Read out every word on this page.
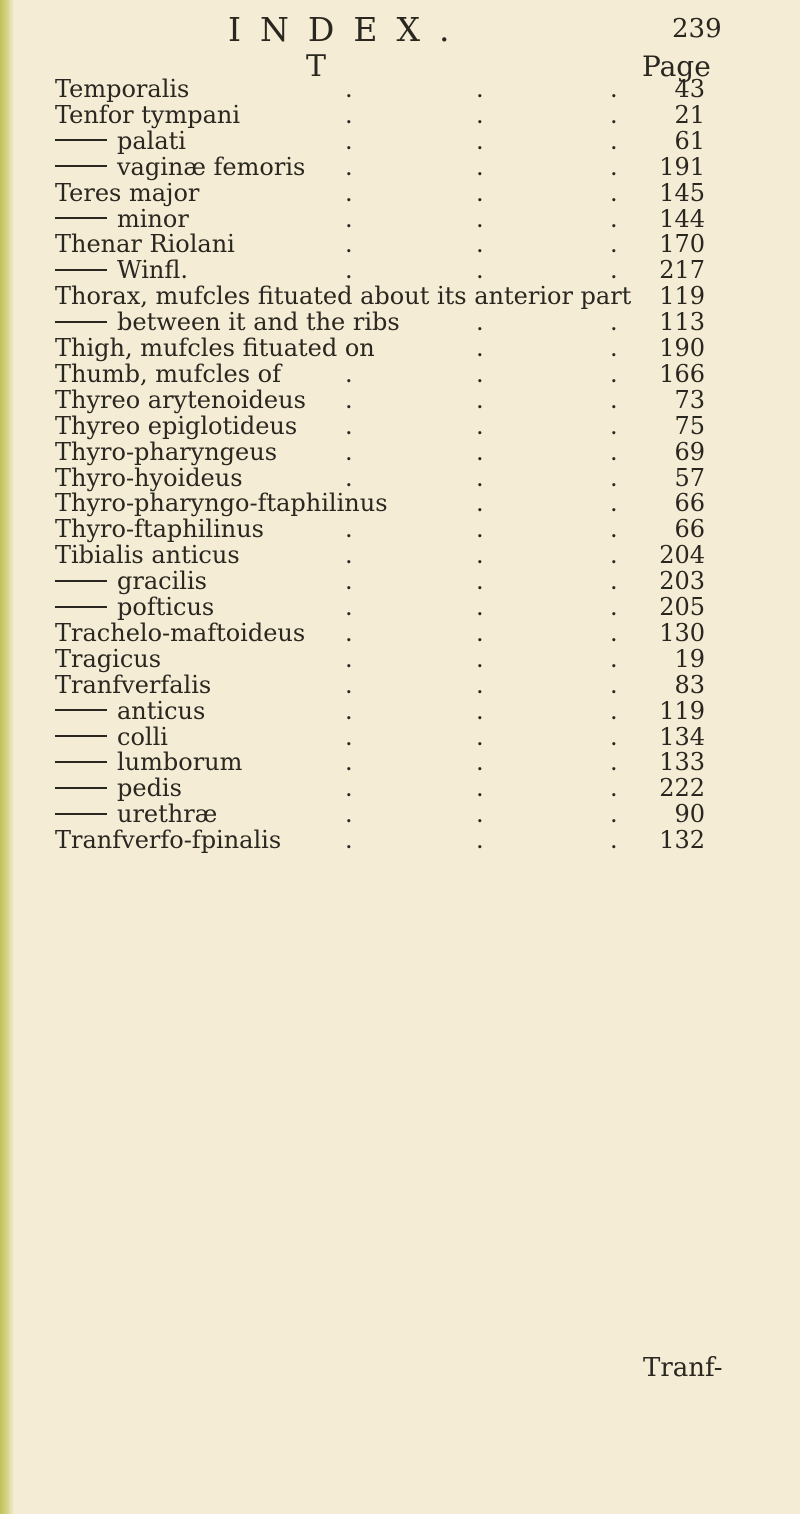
INDEX.	239
T	Page
Temporalis	.	.	.	43
Tenfor tympani	.	.	.	21
palati	.	.	.	61
vaginæ femoris .	.	.	191
Teres major	.	.	.	145
minor	.	.	.	144
Thenar Riolani	.	.	.	170
Winfl.	.	.	.	217
Thorax, mufcles fituated about its anterior part	119
between it and the ribs	.	.	113
Thigh, mufcles fituated on	.	.	190
Thumb, mufcles of	.	.	.	166
Thyreo arytenoideus .	.	.	73
Thyreo epiglotideus .	.	.	75
Thyro-pharyngeus	.	.	.	69
Thyro-hyoideus	.	.	.	57
Thyro-pharyngo-ftaphilinus	.	.	66
Thyro-ftaphilinus	.	.	.	66
Tibialis anticus	.	.	.	204
gracilis	.	.	.	203
pofticus	.	.	.	205
Trachelo-maftoideus .	.	.	130
Tragicus	.	.	.	19
Tranfverfalis	.	.	.	83
anticus	.	.	.	119
colli	.	.	.	134
lumborum	.	.	.	133
pedis	.	.	.	222
urethræ	.	.	.	90
Tranfverfo-fpinalis	.	.	.	132
Tranf-
